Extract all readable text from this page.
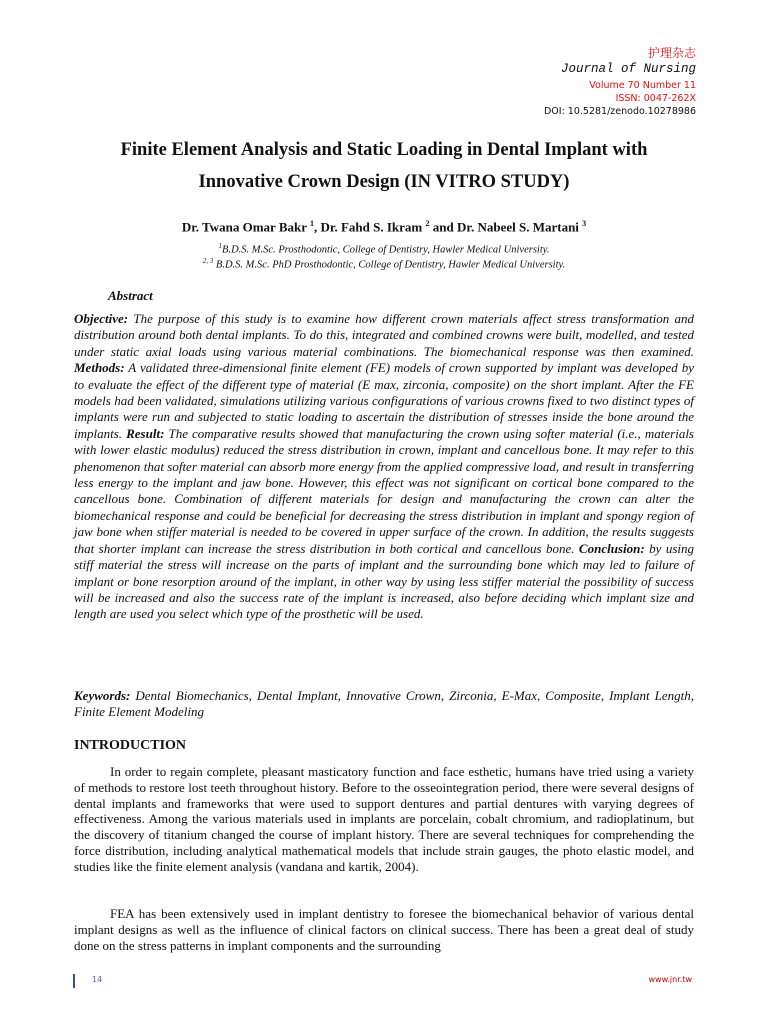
护理杂志
Journal of Nursing
Volume 70 Number 11
ISSN: 0047-262X
DOI: 10.5281/zenodo.10278986
Finite Element Analysis and Static Loading in Dental Implant with
Innovative Crown Design (IN VITRO STUDY)
Dr. Twana Omar Bakr $^1$, Dr. Fahd S. Ikram $^2$ and Dr. Nabeel S. Martani $^3$
$^1$B.D.S. M.Sc. Prosthodontic, College of Dentistry, Hawler Medical University.
$^{2, 3}$ B.D.S. M.Sc. PhD Prosthodontic, College of Dentistry, Hawler Medical University.
Abstract

Objective: The purpose of this study is to examine how different crown materials affect stress transformation and distribution around both dental implants. To do this, integrated and combined crowns were built, modelled, and tested under static axial loads using various material combinations. The biomechanical response was then examined. Methods: A validated three-dimensional finite element (FE) models of crown supported by implant was developed by to evaluate the effect of the different type of material (E max, zirconia, composite) on the short implant. After the FE models had been validated, simulations utilizing various configurations of various crowns fixed to two distinct types of implants were run and subjected to static loading to ascertain the distribution of stresses inside the bone around the implants. Result: The comparative results showed that manufacturing the crown using softer material (i.e., materials with lower elastic modulus) reduced the stress distribution in crown, implant and cancellous bone. It may refer to this phenomenon that softer material can absorb more energy from the applied compressive load, and result in transferring less energy to the implant and jaw bone. However, this effect was not significant on cortical bone compared to the cancellous bone. Combination of different materials for design and manufacturing the crown can alter the biomechanical response and could be beneficial for decreasing the stress distribution in implant and spongy region of jaw bone when stiffer material is needed to be covered in upper surface of the crown. In addition, the results suggests that shorter implant can increase the stress distribution in both cortical and cancellous bone. Conclusion: by using stiff material the stress will increase on the parts of implant and the surrounding bone which may led to failure of implant or bone resorption around of the implant, in other way by using less stiffer material the possibility of success will be increased and also the success rate of the implant is increased, also before deciding which implant size and length are used you select which type of the prosthetic will be used.

Keywords: Dental Biomechanics, Dental Implant, Innovative Crown, Zirconia, E-Max, Composite, Implant Length, Finite Element Modeling

INTRODUCTION

In order to regain complete, pleasant masticatory function and face esthetic, humans have tried using a variety of methods to restore lost teeth throughout history. Before to the osseointegration period, there were several designs of dental implants and frameworks that were used to support dentures and partial dentures with varying degrees of effectiveness. Among the various materials used in implants are porcelain, cobalt chromium, and radioplatinum, but the discovery of titanium changed the course of implant history. There are several techniques for comprehending the force distribution, including analytical mathematical models that include strain gauges, the photo elastic model, and studies like the finite element analysis (vandana and kartik, 2004).

FEA has been extensively used in implant dentistry to foresee the biomechanical behavior of various dental implant designs as well as the influence of clinical factors on clinical success. There has been a great deal of study done on the stress patterns in implant components and the surrounding

14	www.jnr.tw
